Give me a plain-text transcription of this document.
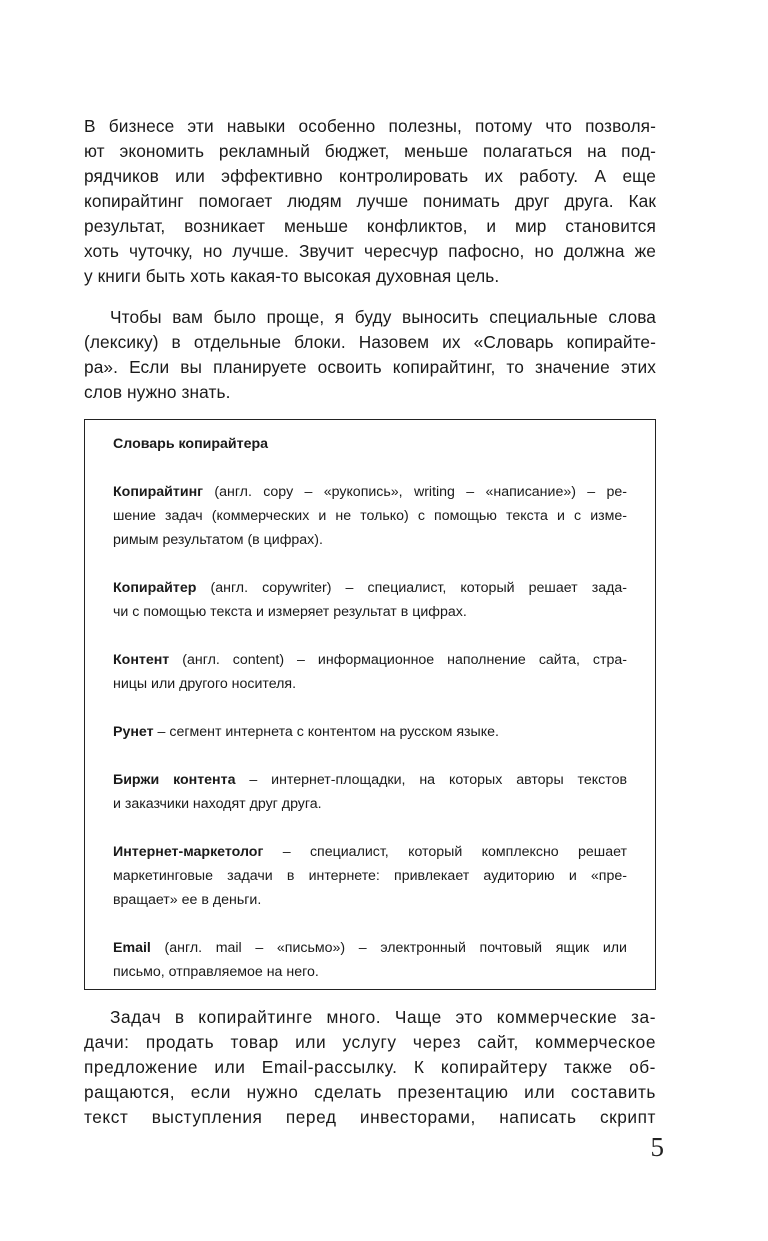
В бизнесе эти навыки особенно полезны, потому что позволя-
ют экономить рекламный бюджет, меньше полагаться на под-
рядчиков или эффективно контролировать их работу. А еще
копирайтинг помогает людям лучше понимать друг друга. Как
результат, возникает меньше конфликтов, и мир становится
хоть чуточку, но лучше. Звучит чересчур пафосно, но должна же
у книги быть хоть какая-то высокая духовная цель.

Чтобы вам было проще, я буду выносить специальные слова
(лексику) в отдельные блоки. Назовем их «Словарь копирайте-
ра». Если вы планируете освоить копирайтинг, то значение этих
слов нужно знать.

Словарь копирайтера
Копирайтинг (англ. copy – «рукопись», writing – «написание») – ре-
шение задач (коммерческих и не только) с помощью текста и с изме-
римым результатом (в цифрах).
Копирайтер (англ. copywriter) – специалист, который решает зада-
чи с помощью текста и измеряет результат в цифрах.
Контент (англ. content) – информационное наполнение сайта, стра-
ницы или другого носителя.
Рунет – сегмент интернета с контентом на русском языке.
Биржи контента – интернет-площадки, на которых авторы текстов
и заказчики находят друг друга.
Интернет-маркетолог – специалист, который комплексно решает
маркетинговые задачи в интернете: привлекает аудиторию и «пре-
вращает» ее в деньги.
Email (англ. mail – «письмо») – электронный почтовый ящик или
письмо, отправляемое на него.

Задач в копирайтинге много. Чаще это коммерческие за-
дачи: продать товар или услугу через сайт, коммерческое
предложение или Email-рассылку. К копирайтеру также об-
ращаются, если нужно сделать презентацию или составить
текст выступления перед инвесторами, написать скрипт

5
